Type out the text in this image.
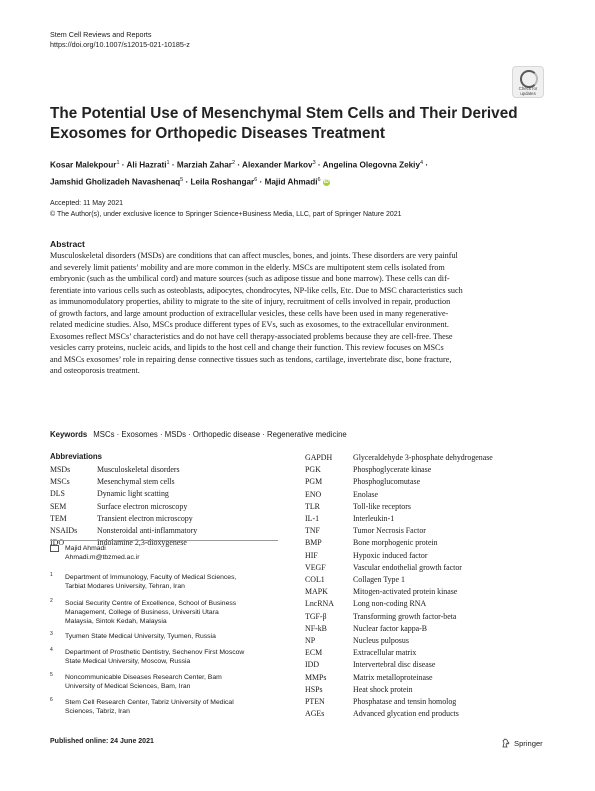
Stem Cell Reviews and Reports
https://doi.org/10.1007/s12015-021-10185-z
Check for updates
The Potential Use of Mesenchymal Stem Cells and Their Derived Exosomes for Orthopedic Diseases Treatment
Kosar Malekpour$^1$ · Ali Hazrati$^1$ · Marziah Zahar$^2$ · Alexander Markov$^3$ · Angelina Olegovna Zekiy$^4$ ·
Jamshid Gholizadeh Navashenaq$^5$ · Leila Roshangar$^6$ · Majid Ahmadi$^6$ iD
Accepted: 11 May 2021
© The Author(s), under exclusive licence to Springer Science+Business Media, LLC, part of Springer Nature 2021
Abstract
Musculoskeletal disorders (MSDs) are conditions that can affect muscles, bones, and joints. These disorders are very painful
and severely limit patients’ mobility and are more common in the elderly. MSCs are multipotent stem cells isolated from
embryonic (such as the umbilical cord) and mature sources (such as adipose tissue and bone marrow). These cells can dif-
ferentiate into various cells such as osteoblasts, adipocytes, chondrocytes, NP-like cells, Etc. Due to MSC characteristics such
as immunomodulatory properties, ability to migrate to the site of injury, recruitment of cells involved in repair, production
of growth factors, and large amount production of extracellular vesicles, these cells have been used in many regenerative-
related medicine studies. Also, MSCs produce different types of EVs, such as exosomes, to the extracellular environment.
Exosomes reflect MSCs’ characteristics and do not have cell therapy-associated problems because they are cell-free. These
vesicles carry proteins, nucleic acids, and lipids to the host cell and change their function. This review focuses on MSCs
and MSCs exosomes’ role in repairing dense connective tissues such as tendons, cartilage, invertebrate disc, bone fracture,
and osteoporosis treatment.
Keywords MSCs · Exosomes · MSDs · Orthopedic disease · Regenerative medicine
Abbreviations
MSDs	Musculoskeletal disorders
MSCs	Mesenchymal stem cells
DLS	Dynamic light scatting
SEM	Surface electron microscopy
TEM	Transient electron microscopy
NSAIDs	Nonsteroidal anti-inflammatory
IDO	Indolamine 2,3-dioxygenese
GAPDH	Glyceraldehyde 3-phosphate dehydrogenase
PGK	Phosphoglycerate kinase
PGM	Phosphoglucomutase
ENO	Enolase
TLR	Toll-like receptors
IL-1	Interleukin-1
TNF	Tumor Necrosis Factor
BMP	Bone morphogenic protein
HIF	Hypoxic induced factor
VEGF	Vascular endothelial growth factor
COL1	Collagen Type 1
MAPK	Mitogen-activated protein kinase
LncRNA	Long non-coding RNA
TGF-β	Transforming growth factor-beta
NF-kB	Nuclear factor kappa-B
NP	Nucleus pulposus
ECM	Extracellular matrix
IDD	Intervertebral disc disease
MMPs	Matrix metalloproteinase
HSPs	Heat shock protein
PTEN	Phosphatase and tensin homolog
AGEs	Advanced glycation end products
Majid Ahmadi
Ahmadi.m@tbzmed.ac.ir
1 Department of Immunology, Faculty of Medical Sciences,
Tarbiat Modares University, Tehran, Iran
2 Social Security Centre of Excellence, School of Business
Management, College of Business, Universiti Utara
Malaysia, Sintok Kedah, Malaysia
3 Tyumen State Medical University, Tyumen, Russia
4 Department of Prosthetic Dentistry, Sechenov First Moscow
State Medical University, Moscow, Russia
5 Noncommunicable Diseases Research Center, Bam
University of Medical Sciences, Bam, Iran
6 Stem Cell Research Center, Tabriz University of Medical
Sciences, Tabriz, Iran
Published online: 24 June 2021	Springer
